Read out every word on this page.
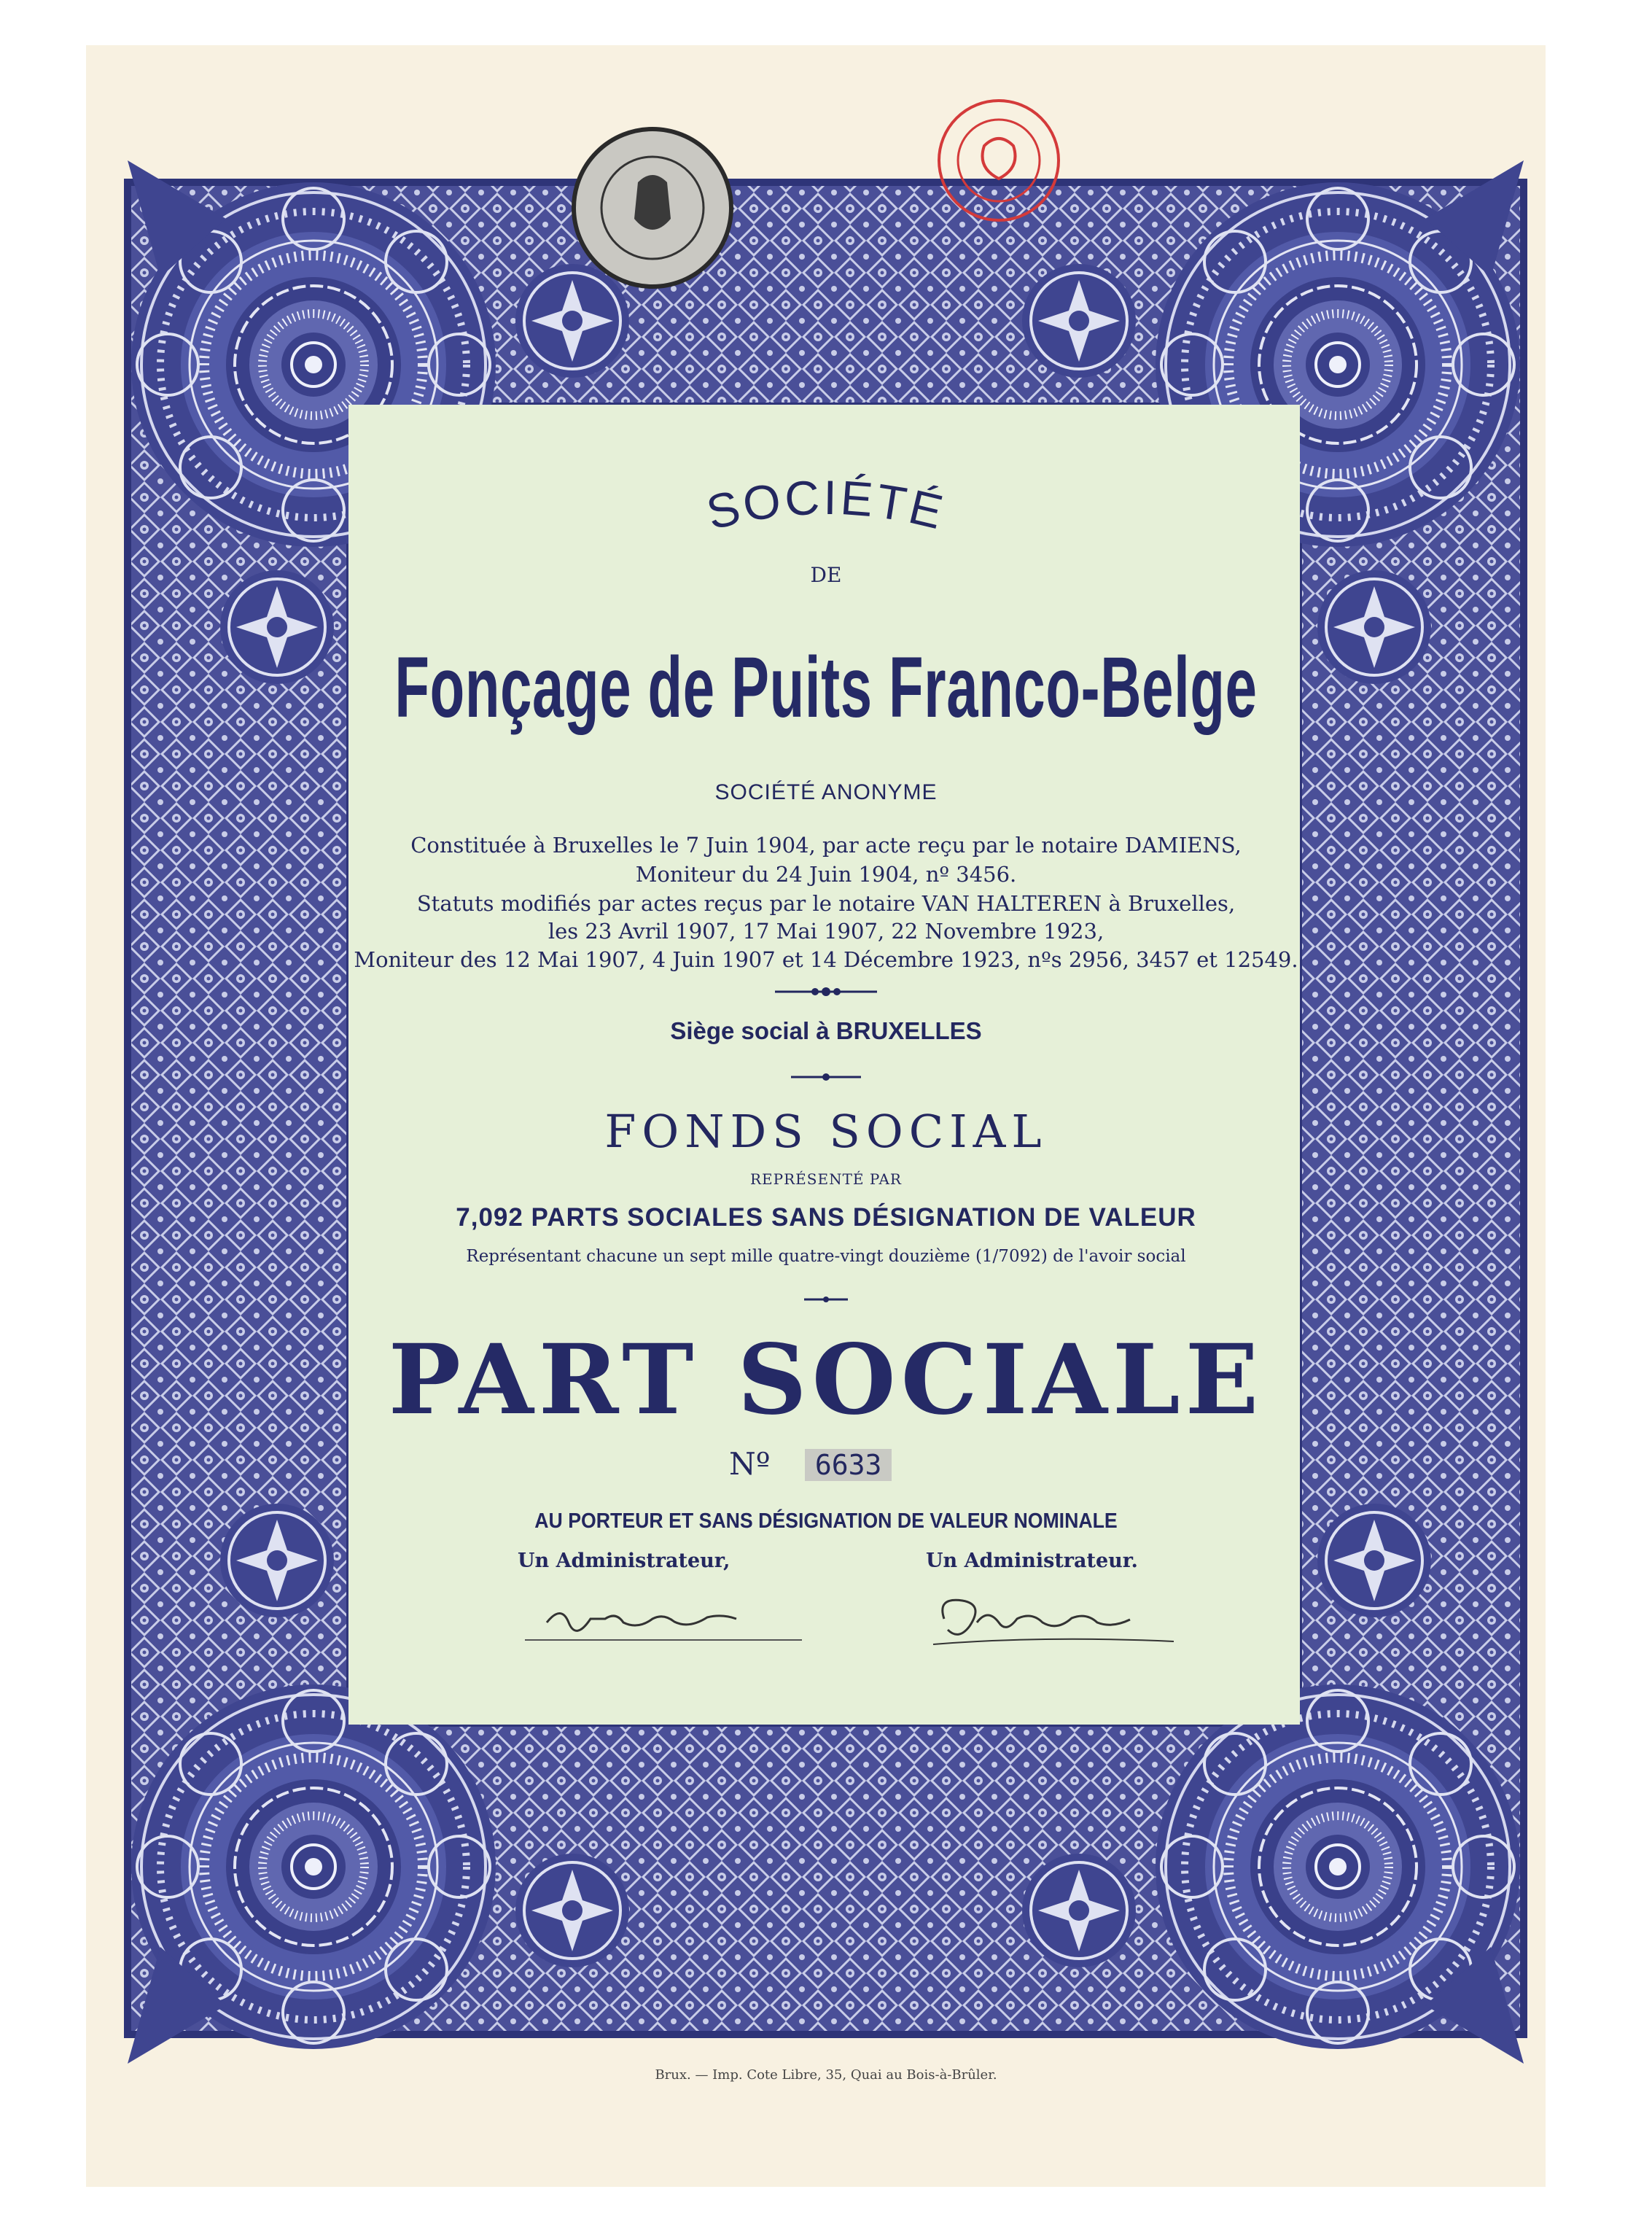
SOCIÉTÉ
DE
Fonçage de Puits Franco-Belge
SOCIÉTÉ ANONYME
Constituée à Bruxelles le 7 Juin 1904, par acte reçu par le notaire DAMIENS,
Moniteur du 24 Juin 1904, nº 3456.
Statuts modifiés par actes reçus par le notaire VAN HALTEREN à Bruxelles,
les 23 Avril 1907, 17 Mai 1907, 22 Novembre 1923,
Moniteur des 12 Mai 1907, 4 Juin 1907 et 14 Décembre 1923, nºs 2956, 3457 et 12549.
Siège social à BRUXELLES
FONDS SOCIAL
REPRÉSENTÉ PAR
7,092 PARTS SOCIALES SANS DÉSIGNATION DE VALEUR
Représentant chacune un sept mille quatre-vingt douzième (1/7092) de l'avoir social
PART SOCIALE
Nº 6633
AU PORTEUR ET SANS DÉSIGNATION DE VALEUR NOMINALE
Un Administrateur,	Un Administrateur.
Brux. — Imp. Cote Libre, 35, Quai au Bois-à-Brûler.
